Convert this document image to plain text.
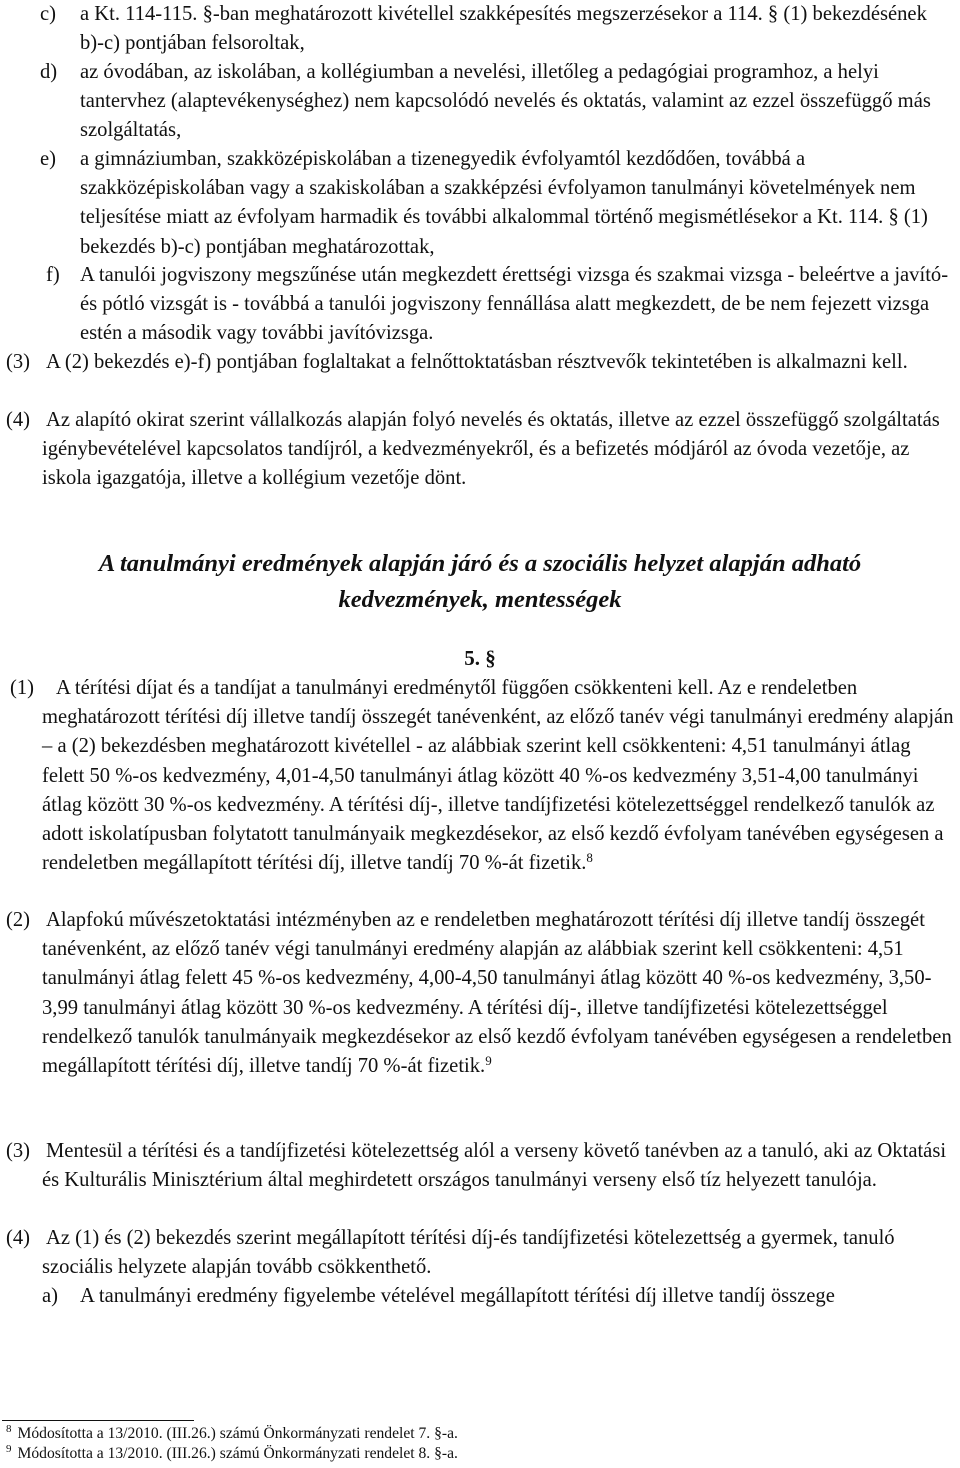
c) a Kt. 114-115. §-ban meghatározott kivétellel szakképesítés megszerzésekor a 114. § (1) bekezdésének b)-c) pontjában felsoroltak,
d) az óvodában, az iskolában, a kollégiumban a nevelési, illetőleg a pedagógiai programhoz, a helyi tantervhez (alaptevékenységhez) nem kapcsolódó nevelés és oktatás, valamint az ezzel összefüggő más szolgáltatás,
e) a gimnáziumban, szakközépiskolában a tizenegyedik évfolyamtól kezdődően, továbbá a szakközépiskolában vagy a szakiskolában a szakképzési évfolyamon tanulmányi követelmények nem teljesítése miatt az évfolyam harmadik és további alkalommal történő megismétlésekor a Kt. 114. § (1) bekezdés b)-c) pontjában meghatározottak,
f) A tanulói jogviszony megszűnése után megkezdett érettségi vizsga és szakmai vizsga - beleértve a javító- és pótló vizsgát is - továbbá a tanulói jogviszony fennállása alatt megkezdett, de be nem fejezett vizsga estén a második vagy további javítóvizsga.
(3) A (2) bekezdés e)-f) pontjában foglaltakat a felnőttoktatásban résztvevők tekintetében is alkalmazni kell.
(4) Az alapító okirat szerint vállalkozás alapján folyó nevelés és oktatás, illetve az ezzel összefüggő szolgáltatás igénybevételével kapcsolatos tandíjról, a kedvezményekről, és a befizetés módjáról az óvoda vezetője, az iskola igazgatója, illetve a kollégium vezetője dönt.
A tanulmányi eredmények alapján járó és a szociális helyzet alapján adható
kedvezmények, mentességek
5. §
(1)	A térítési díjat és a tandíjat a tanulmányi eredménytől függően csökkenteni kell. Az e rendeletben meghatározott térítési díj illetve tandíj összegét tanévenként, az előző tanév végi tanulmányi eredmény alapján – a (2) bekezdésben meghatározott kivétellel - az alábbiak szerint kell csökkenteni: 4,51 tanulmányi átlag felett 50 %-os kedvezmény, 4,01-4,50 tanulmányi átlag között 40 %-os kedvezmény 3,51-4,00 tanulmányi átlag között 30 %-os kedvezmény. A térítési díj-, illetve tandíjfizetési kötelezettséggel rendelkező tanulók az adott iskolatípusban folytatott tanulmányaik megkezdésekor, az első kezdő évfolyam tanévében egységesen a rendeletben megállapított térítési díj, illetve tandíj 70 %-át fizetik.$^8$
(2) Alapfokú művészetoktatási intézményben az e rendeletben meghatározott térítési díj illetve tandíj összegét tanévenként, az előző tanév végi tanulmányi eredmény alapján az alábbiak szerint kell csökkenteni: 4,51 tanulmányi átlag felett 45 %-os kedvezmény, 4,00-4,50 tanulmányi átlag között 40 %-os kedvezmény, 3,50-3,99 tanulmányi átlag között 30 %-os kedvezmény. A térítési díj-, illetve tandíjfizetési kötelezettséggel rendelkező tanulók tanulmányaik megkezdésekor az első kezdő évfolyam tanévében egységesen a rendeletben megállapított térítési díj, illetve tandíj 70 %-át fizetik.$^9$
(3) Mentesül a térítési és a tandíjfizetési kötelezettség alól a verseny követő tanévben az a tanuló, aki az Oktatási és Kulturális Minisztérium által meghirdetett országos tanulmányi verseny első tíz helyezett tanulója.
(4) Az (1) és (2) bekezdés szerint megállapított térítési díj-és tandíjfizetési kötelezettség a gyermek, tanuló szociális helyzete alapján tovább csökkenthető.
a) A tanulmányi eredmény figyelembe vételével megállapított térítési díj illetve tandíj összege
$^8$ Módosította a 13/2010. (III.26.) számú Önkormányzati rendelet 7. §-a.
$^9$ Módosította a 13/2010. (III.26.) számú Önkormányzati rendelet 8. §-a.
